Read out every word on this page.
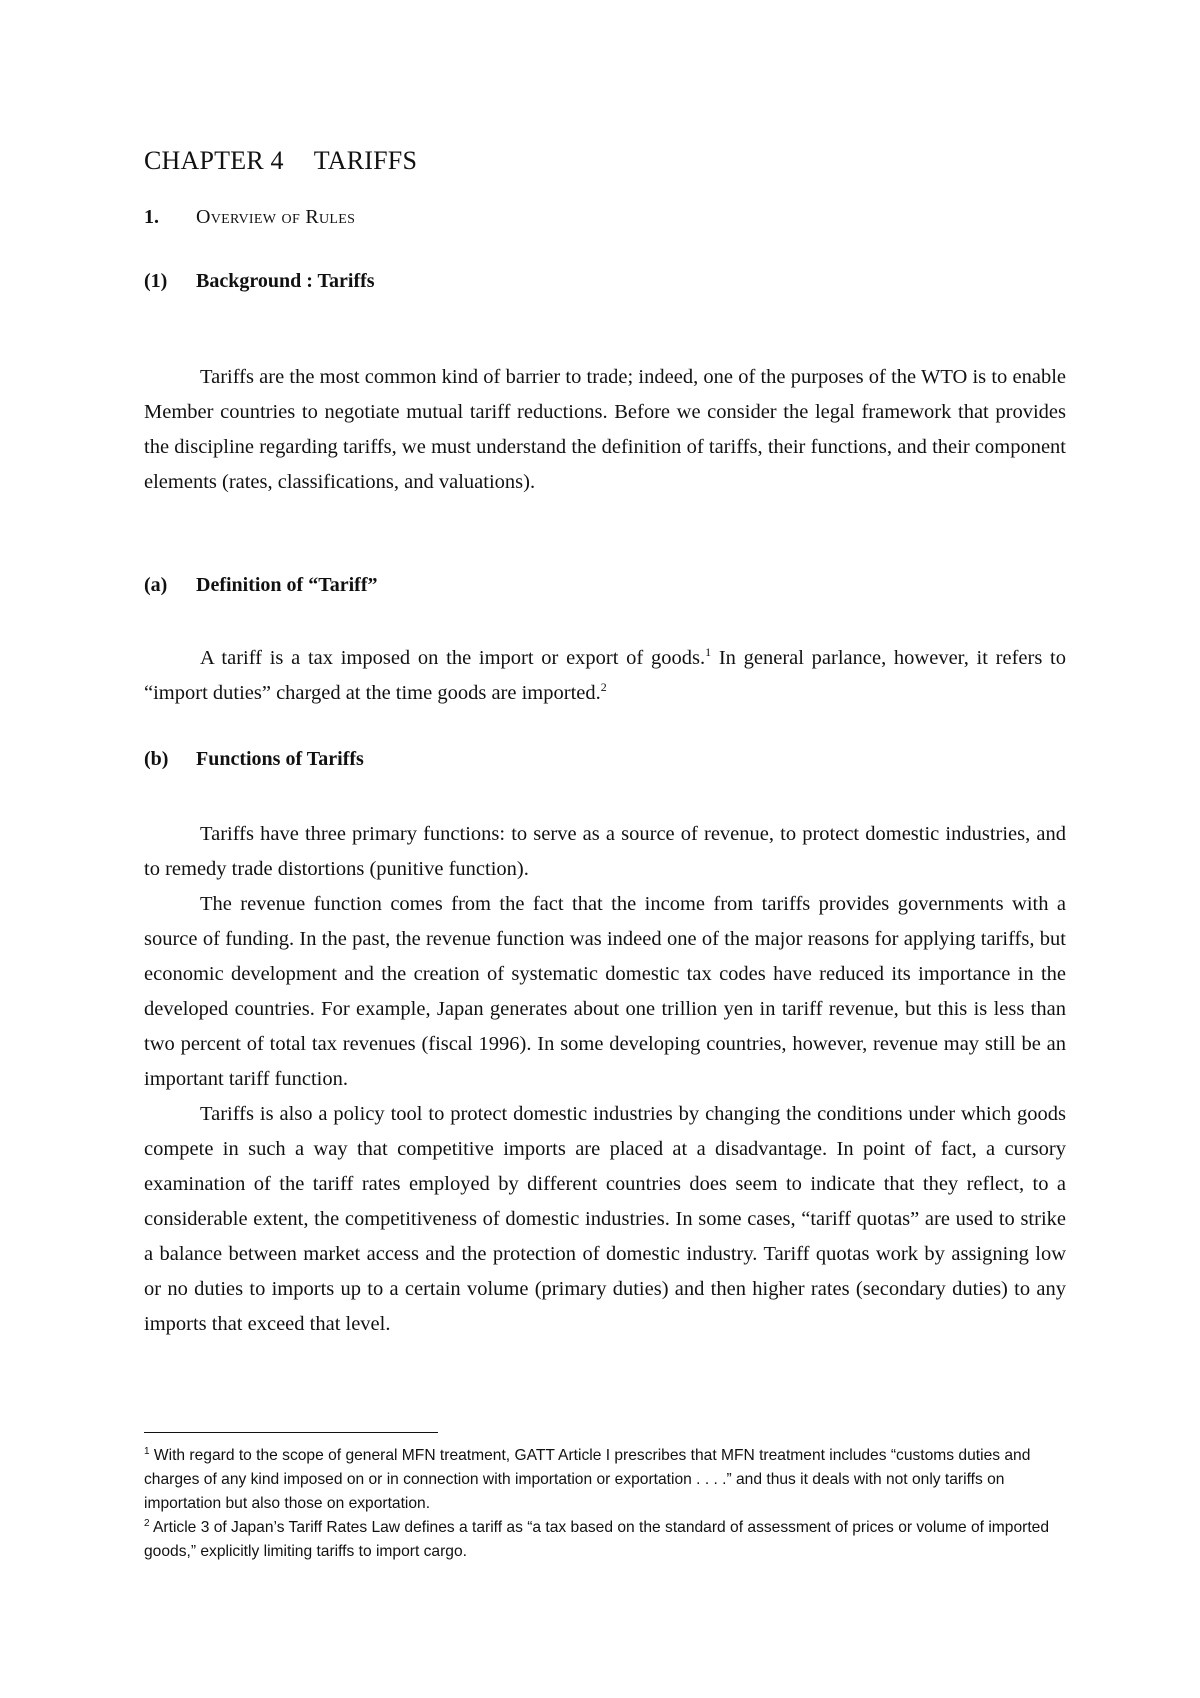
CHAPTER 4 TARIFFS
1. Overview of Rules
(1) Background : Tariffs

Tariffs are the most common kind of barrier to trade; indeed, one of the purposes of the WTO is to enable Member countries to negotiate mutual tariff reductions. Before we consider the legal framework that provides the discipline regarding tariffs, we must understand the definition of tariffs, their functions, and their component elements (rates, classifications, and valuations).

(a) Definition of “Tariff”

A tariff is a tax imposed on the import or export of goods.$^1$ In general parlance, however, it refers to “import duties” charged at the time goods are imported.$^2$

(b) Functions of Tariffs

Tariffs have three primary functions: to serve as a source of revenue, to protect domestic industries, and to remedy trade distortions (punitive function).

The revenue function comes from the fact that the income from tariffs provides governments with a source of funding. In the past, the revenue function was indeed one of the major reasons for applying tariffs, but economic development and the creation of systematic domestic tax codes have reduced its importance in the developed countries. For example, Japan generates about one trillion yen in tariff revenue, but this is less than two percent of total tax revenues (fiscal 1996). In some developing countries, however, revenue may still be an important tariff function.

Tariffs is also a policy tool to protect domestic industries by changing the conditions under which goods compete in such a way that competitive imports are placed at a disadvantage. In point of fact, a cursory examination of the tariff rates employed by different countries does seem to indicate that they reflect, to a considerable extent, the competitiveness of domestic industries. In some cases, “tariff quotas” are used to strike a balance between market access and the protection of domestic industry. Tariff quotas work by assigning low or no duties to imports up to a certain volume (primary duties) and then higher rates (secondary duties) to any imports that exceed that level.

$^1$ With regard to the scope of general MFN treatment, GATT Article I prescribes that MFN treatment includes “customs duties and charges of any kind imposed on or in connection with importation or exportation . . . .” and thus it deals with not only tariffs on importation but also those on exportation.

$^2$ Article 3 of Japan’s Tariff Rates Law defines a tariff as “a tax based on the standard of assessment of prices or volume of imported goods,” explicitly limiting tariffs to import cargo.
